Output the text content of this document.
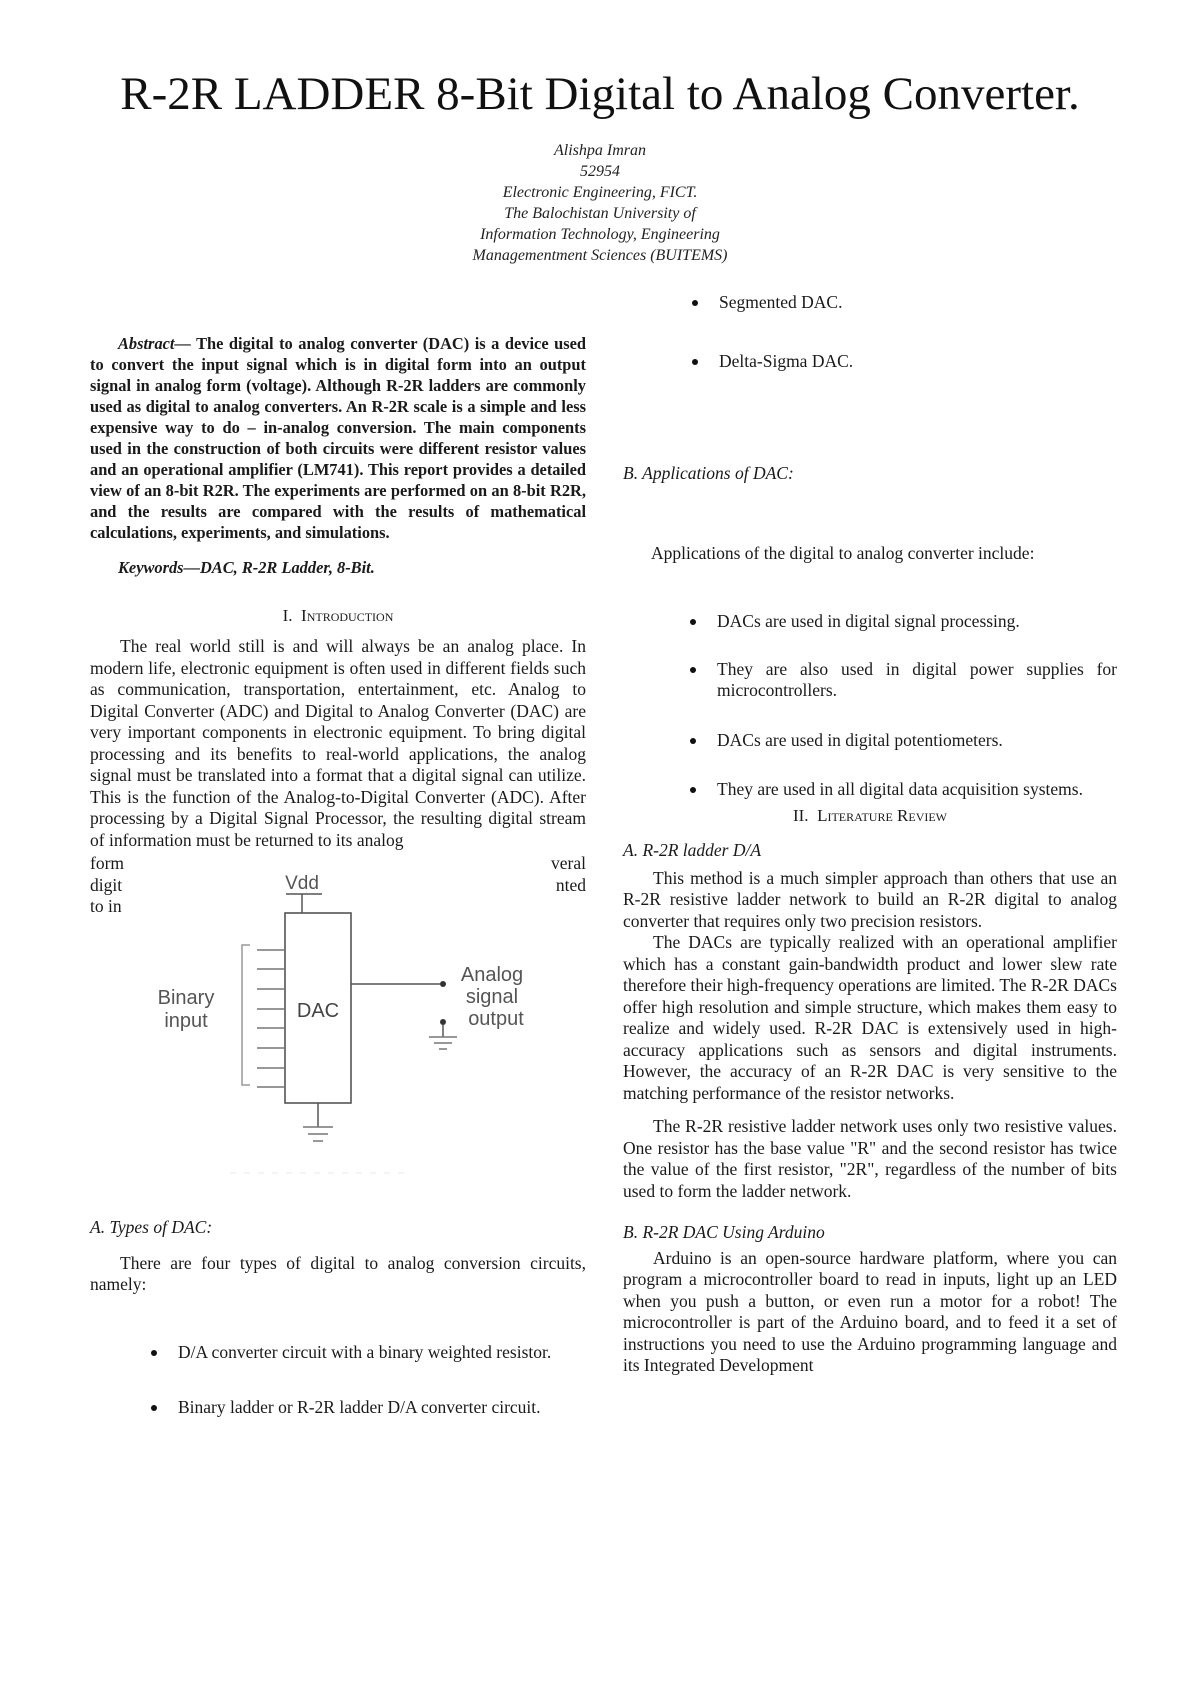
R-2R LADDER 8-Bit Digital to Analog Converter.
Alishpa Imran
52954
Electronic Engineering, FICT.
The Balochistan University of
Information Technology, Engineering
Managementment Sciences (BUITEMS)

Abstract— The digital to analog converter (DAC) is a device used to convert the input signal which is in digital form into an output signal in analog form (voltage). Although R-2R ladders are commonly used as digital to analog converters. An R-2R scale is a simple and less expensive way to do – in-analog conversion. The main components used in the construction of both circuits were different resistor values and an operational amplifier (LM741). This report provides a detailed view of an 8-bit R2R. The experiments are performed on an 8-bit R2R, and the results are compared with the results of mathematical calculations, experiments, and simulations.

Keywords—DAC, R-2R Ladder, 8-Bit.

I. Introduction

The real world still is and will always be an analog place. In modern life, electronic equipment is often used in different fields such as communication, transportation, entertainment, etc. Analog to Digital Converter (ADC) and Digital to Analog Converter (DAC) are very important components in electronic equipment. To bring digital processing and its benefits to real-world applications, the analog signal must be translated into a format that a digital signal can utilize. This is the function of the Analog-to-Digital Converter (ADC). After processing by a Digital Signal Processor, the resulting digital stream of information must be returned to its analog

form	veral
digit	nted
to in
Vdd
DAC
Binary
input
Analog
signal
output

A. Types of DAC:

There are four types of digital to analog conversion circuits, namely:

D/A converter circuit with a binary weighted resistor.
Binary ladder or R-2R ladder D/A converter circuit.
Segmented DAC.
Delta-Sigma DAC.

B. Applications of DAC:

Applications of the digital to analog converter include:

DACs are used in digital signal processing.
They are also used in digital power supplies for microcontrollers.
DACs are used in digital potentiometers.
They are used in all digital data acquisition systems.
II. Literature Review

A. R-2R ladder D/A

This method is a much simpler approach than others that use an R-2R resistive ladder network to build an R-2R digital to analog converter that requires only two precision resistors.

The DACs are typically realized with an operational amplifier which has a constant gain-bandwidth product and lower slew rate therefore their high-frequency operations are limited. The R-2R DACs offer high resolution and simple structure, which makes them easy to realize and widely used. R-2R DAC is extensively used in high-accuracy applications such as sensors and digital instruments. However, the accuracy of an R-2R DAC is very sensitive to the matching performance of the resistor networks.

The R-2R resistive ladder network uses only two resistive values. One resistor has the base value "R" and the second resistor has twice the value of the first resistor, "2R", regardless of the number of bits used to form the ladder network.

B. R-2R DAC Using Arduino

Arduino is an open-source hardware platform, where you can program a microcontroller board to read in inputs, light up an LED when you push a button, or even run a motor for a robot! The microcontroller is part of the Arduino board, and to feed it a set of instructions you need to use the Arduino programming language and its Integrated Development
